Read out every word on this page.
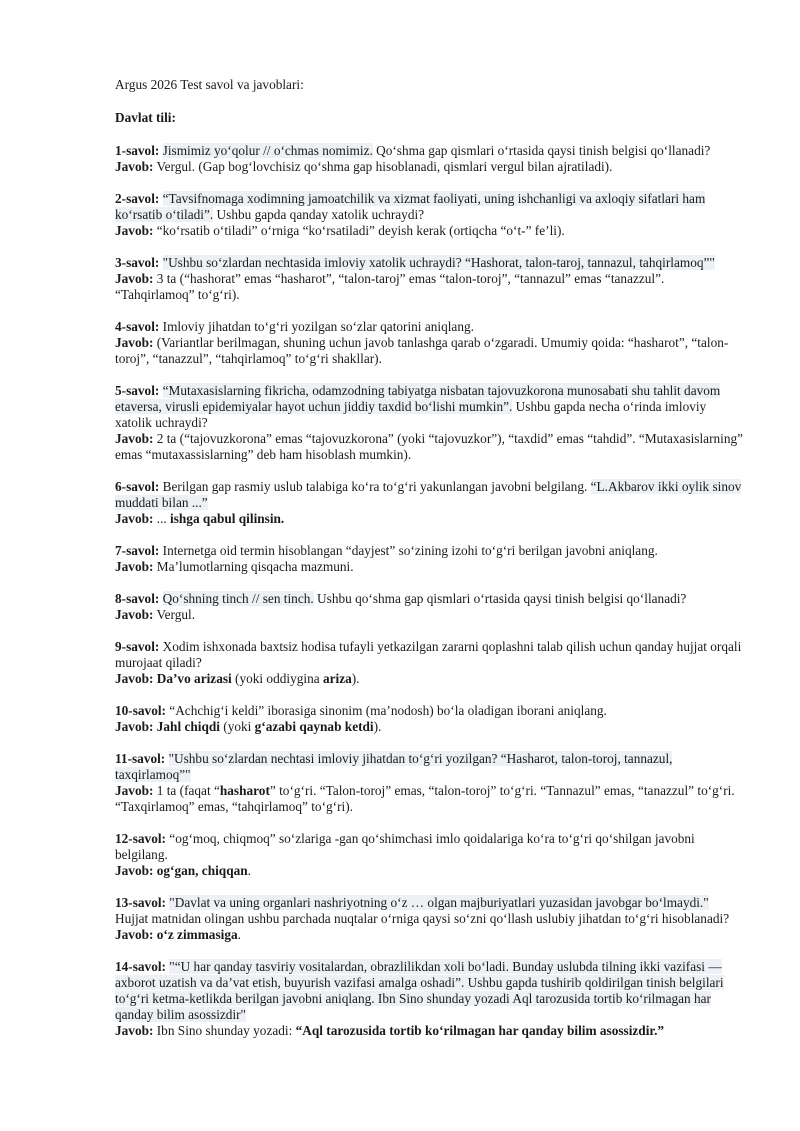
Argus 2026 Test savol va javoblari:

Davlat tili:

1-savol: Jismimiz yoʻqolur // oʻchmas nomimiz. Qoʻshma gap qismlari oʻrtasida qaysi tinish belgisi qoʻllanadi?

Javob: Vergul. (Gap bogʻlovchisiz qoʻshma gap hisoblanadi, qismlari vergul bilan ajratiladi).

2-savol: “Tavsifnomaga xodimning jamoatchilik va xizmat faoliyati, uning ishchanligi va axloqiy sifatlari ham koʻrsatib oʻtiladi”. Ushbu gapda qanday xatolik uchraydi?

Javob: “koʻrsatib oʻtiladi” oʻrniga “koʻrsatiladi” deyish kerak (ortiqcha “oʻt-” feʼli).

3-savol: "Ushbu soʻzlardan nechtasida imloviy xatolik uchraydi? “Hashorat, talon-taroj, tannazul, tahqirlamoq”"

Javob: 3 ta (“hashorat” emas “hasharot”, “talon-taroj” emas “talon-toroj”, “tannazul” emas “tanazzul”. “Tahqirlamoq” toʻgʻri).

4-savol: Imloviy jihatdan toʻgʻri yozilgan soʻzlar qatorini aniqlang.

Javob: (Variantlar berilmagan, shuning uchun javob tanlashga qarab oʻzgaradi. Umumiy qoida: “hasharot”, “talon-toroj”, “tanazzul”, “tahqirlamoq” toʻgʻri shakllar).

5-savol: “Mutaxasislarning fikricha, odamzodning tabiyatga nisbatan tajovuzkorona munosabati shu tahlit davom etaversa, virusli epidemiyalar hayot uchun jiddiy taxdid boʻlishi mumkin”. Ushbu gapda necha oʻrinda imloviy xatolik uchraydi?

Javob: 2 ta (“tajovuzkorona” emas “tajovuzkorona” (yoki “tajovuzkor”), “taxdid” emas “tahdid”. “Mutaxasislarning” emas “mutaxassislarning” deb ham hisoblash mumkin).

6-savol: Berilgan gap rasmiy uslub talabiga koʻra toʻgʻri yakunlangan javobni belgilang. “L.Akbarov ikki oylik sinov muddati bilan ...”

Javob: ... ishga qabul qilinsin.

7-savol: Internetga oid termin hisoblangan “dayjest” soʻzining izohi toʻgʻri berilgan javobni aniqlang.

Javob: Maʼlumotlarning qisqacha mazmuni.

8-savol: Qoʻshning tinch // sen tinch. Ushbu qoʻshma gap qismlari oʻrtasida qaysi tinish belgisi qoʻllanadi?

Javob: Vergul.

9-savol: Xodim ishxonada baxtsiz hodisa tufayli yetkazilgan zararni qoplashni talab qilish uchun qanday hujjat orqali murojaat qiladi?

Javob: Daʼvo arizasi (yoki oddiygina ariza).

10-savol: “Achchigʻi keldi” iborasiga sinonim (maʼnodosh) boʻla oladigan iborani aniqlang.

Javob: Jahl chiqdi (yoki gʻazabi qaynab ketdi).

11-savol: "Ushbu soʻzlardan nechtasi imloviy jihatdan toʻgʻri yozilgan? “Hasharot, talon-toroj, tannazul, taxqirlamoq”"

Javob: 1 ta (faqat “hasharot” toʻgʻri. “Talon-toroj” emas, “talon-toroj” toʻgʻri. “Tannazul” emas, “tanazzul” toʻgʻri. “Taxqirlamoq” emas, “tahqirlamoq” toʻgʻri).

12-savol: “ogʻmoq, chiqmoq” soʻzlariga -gan qoʻshimchasi imlo qoidalariga koʻra toʻgʻri qoʻshilgan javobni belgilang.

Javob: ogʻgan, chiqqan.

13-savol: "Davlat va uning organlari nashriyotning oʻz … olgan majburiyatlari yuzasidan javobgar boʻlmaydi." Hujjat matnidan olingan ushbu parchada nuqtalar oʻrniga qaysi soʻzni qoʻllash uslubiy jihatdan toʻgʻri hisoblanadi?

Javob: oʻz zimmasiga.

14-savol: "“U har qanday tasviriy vositalardan, obrazlilikdan xoli boʻladi. Bunday uslubda tilning ikki vazifasi — axborot uzatish va daʼvat etish, buyurish vazifasi amalga oshadi”. Ushbu gapda tushirib qoldirilgan tinish belgilari toʻgʻri ketma-ketlikda berilgan javobni aniqlang. Ibn Sino shunday yozadi Aql tarozusida tortib koʻrilmagan har qanday bilim asossizdir"

Javob: Ibn Sino shunday yozadi: “Aql tarozusida tortib koʻrilmagan har qanday bilim asossizdir.”
